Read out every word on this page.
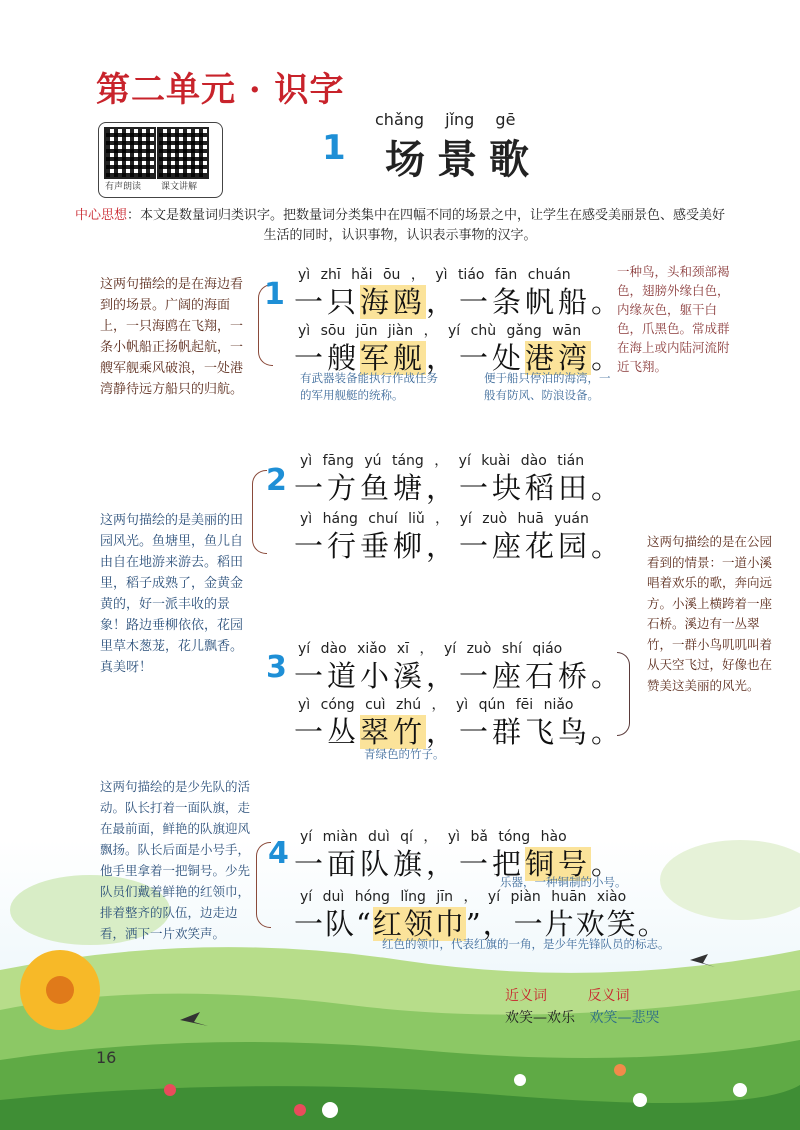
第二单元 · 识字
有声朗读 课文讲解
chǎng jǐng gē
1 场景歌
中心思想：本文是数量词归类识字。把数量词分类集中在四幅不同的场景之中，让学生在感受美丽景色、感受美好生活的同时，认识事物，认识表示事物的汉字。
这两句描绘的是在海边看到的场景。广阔的海面上，一只海鸥在飞翔，一条小帆船正扬帆起航，一艘军舰乘风破浪，一处港湾静待远方船只的归航。
1
yì zhī hǎi ōu ， yì tiáo fān chuán
一只海鸥，一条帆船。
yì sōu jūn jiàn ， yí chù gǎng wān
一艘军舰，一处港湾。
一种鸟，头和颈部褐色，翅膀外缘白色，内缘灰色，躯干白色，爪黑色。常成群在海上或内陆河流附近飞翔。
有武器装备能执行作战任务的军用舰艇的统称。
便于船只停泊的海湾，一般有防风、防浪设备。
这两句描绘的是美丽的田园风光。鱼塘里，鱼儿自由自在地游来游去。稻田里，稻子成熟了，金黄金黄的，好一派丰收的景象！路边垂柳依依，花园里草木葱茏，花儿飘香。真美呀！
2
yì fāng yú táng ， yí kuài dào tián
一方鱼塘，一块稻田。
yì háng chuí liǔ ， yí zuò huā yuán
一行垂柳，一座花园。 这两句描绘的是在公园看到的情景：一道小溪唱着欢乐的歌，奔向远方。小溪上横跨着一座石桥。溪边有一丛翠竹，一群小鸟叽叽叫着从天空飞过，好像也在赞美这美丽的风光。
3
yí dào xiǎo xī ， yí zuò shí qiáo
一道小溪，一座石桥。
yì cóng cuì zhú ， yì qún fēi niǎo
一丛翠竹，一群飞鸟。
青绿色的竹子。
这两句描绘的是少先队的活动。队长打着一面队旗，走在最前面，鲜艳的队旗迎风飘扬。队长后面是小号手，他手里拿着一把铜号。少先队员们戴着鲜艳的红领巾，排着整齐的队伍，边走边看，洒下一片欢笑声。
4 yí miàn duì qí ， yì bǎ tóng hào
一面队旗，一把铜号。
乐器，一种铜制的小号。
yí duì hóng lǐng jīn ， yí piàn huān xiào
一队“红领巾”，一片欢笑。
红色的领巾，代表红旗的一角，是少年先锋队员的标志。
近义词	反义词
欢笑—欢乐 欢笑—悲哭
16
